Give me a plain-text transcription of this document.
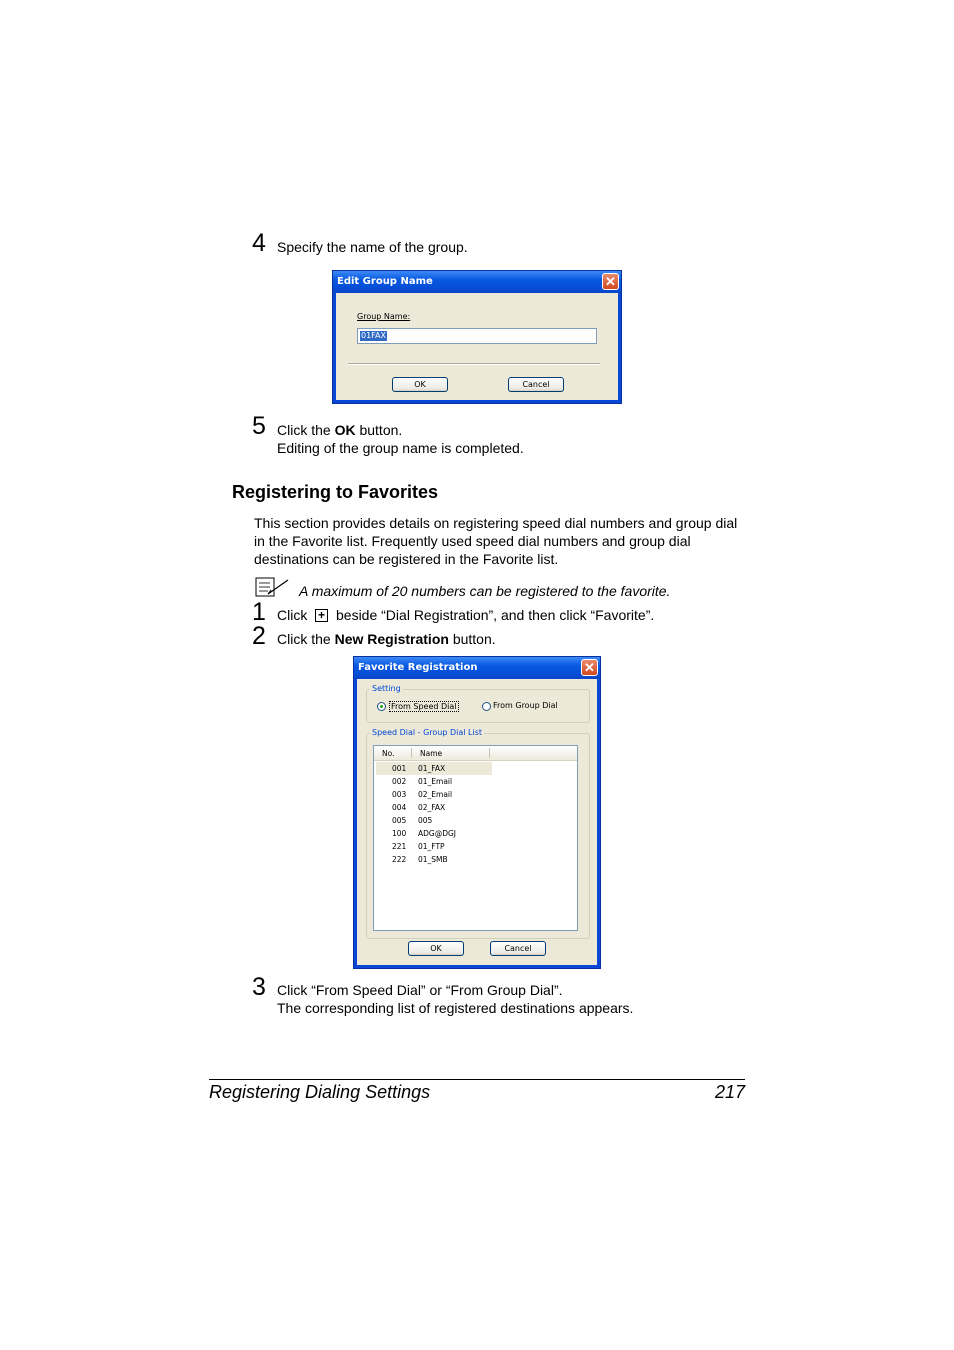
4 Specify the name of the group.
Edit Group Name	✕
Group Name:
01FAX
OK	Cancel
5 Click the OK button.
Editing of the group name is completed.
Registering to Favorites
This section provides details on registering speed dial numbers and group dial in the Favorite list. Frequently used speed dial numbers and group dial destinations can be registered in the Favorite list.
A maximum of 20 numbers can be registered to the favorite.
1 Click + beside “Dial Registration”, and then click “Favorite”.
2 Click the New Registration button.
Favorite Registration	✕
Setting
From Speed Dial	From Group Dial
Speed Dial - Group Dial List
No.	Name
001 01_FAX
002 01_Email
003 02_Email
004 02_FAX
005 005
100 ADG@DGJ
221 01_FTP
222 01_SMB
OK	Cancel
3 Click “From Speed Dial” or “From Group Dial”.
The corresponding list of registered destinations appears.
Registering Dialing Settings	217
